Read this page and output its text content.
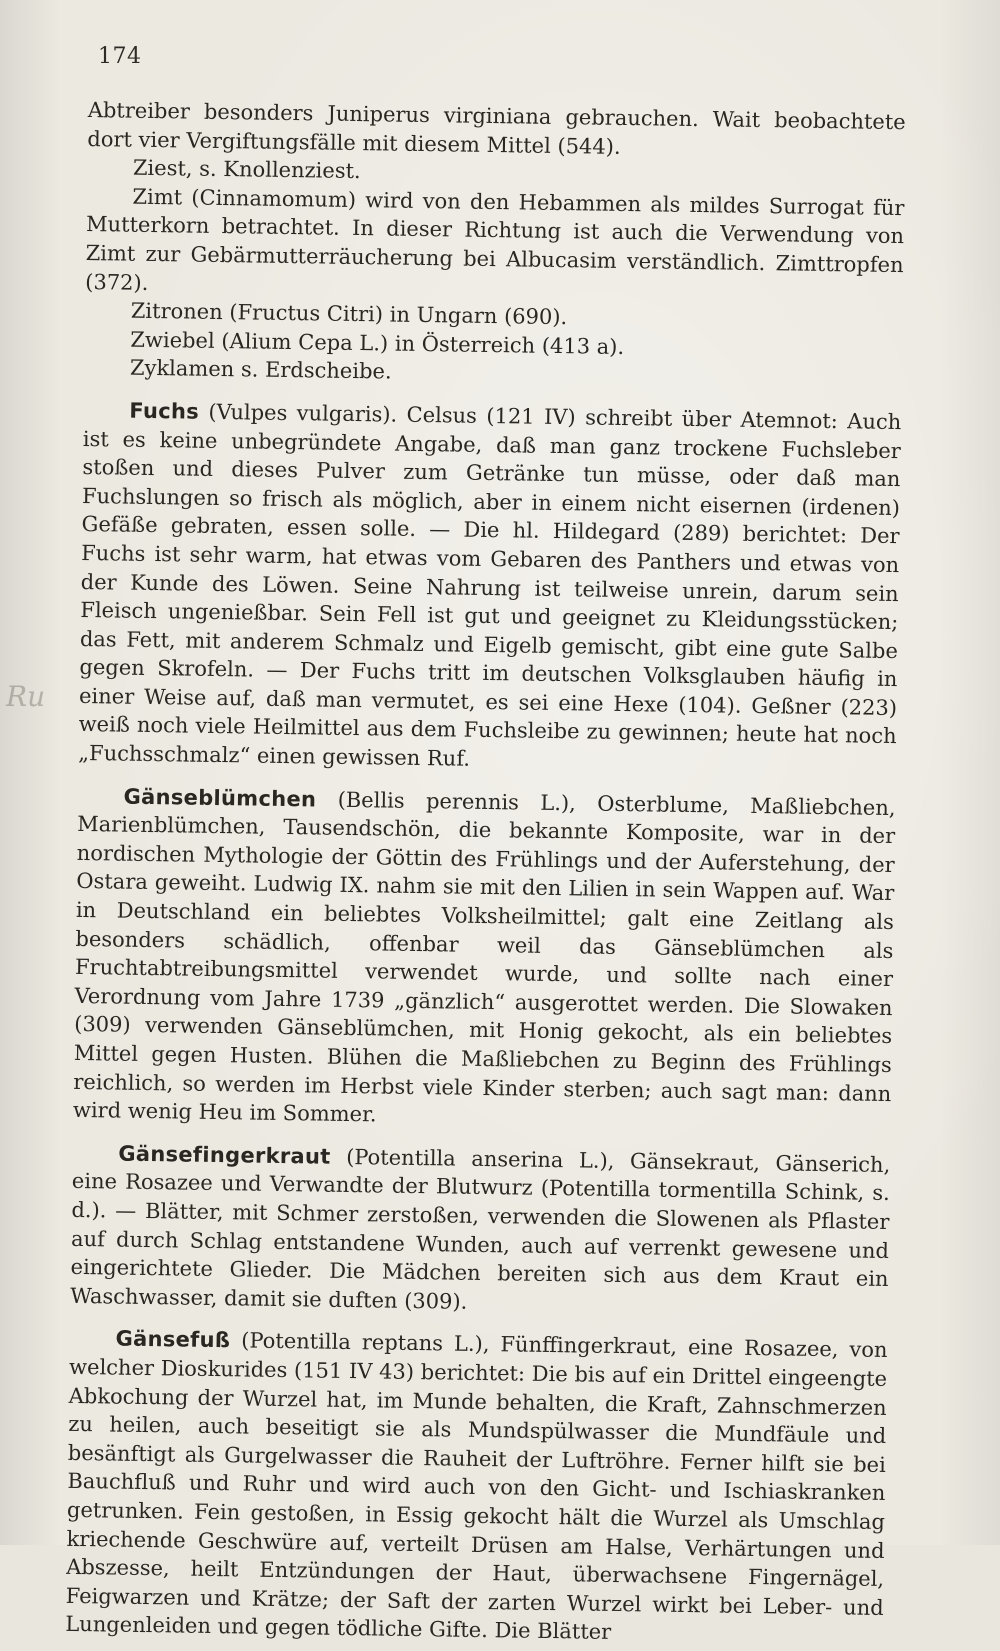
174
Ru

Abtreiber besonders Juniperus virginiana gebrauchen. Wait beobachtete dort vier Vergiftungsfälle mit diesem Mittel (544).

Ziest, s. Knollenziest.

Zimt (Cinnamomum) wird von den Hebammen als mildes Surrogat für Mutterkorn betrachtet. In dieser Richtung ist auch die Verwendung von Zimt zur Gebärmutterräucherung bei Albucasim verständlich. Zimttropfen (372).

Zitronen (Fructus Citri) in Ungarn (690).

Zwiebel (Alium Cepa L.) in Österreich (413 a).

Zyklamen s. Erdscheibe.

Fuchs (Vulpes vulgaris). Celsus (121 IV) schreibt über Atemnot: Auch ist es keine unbegründete Angabe, daß man ganz trockene Fuchsleber stoßen und dieses Pulver zum Getränke tun müsse, oder daß man Fuchslungen so frisch als möglich, aber in einem nicht eisernen (irdenen) Gefäße gebraten, essen solle. — Die hl. Hildegard (289) berichtet: Der Fuchs ist sehr warm, hat etwas vom Gebaren des Panthers und etwas von der Kunde des Löwen. Seine Nahrung ist teilweise unrein, darum sein Fleisch ungenießbar. Sein Fell ist gut und geeignet zu Kleidungsstücken; das Fett, mit anderem Schmalz und Eigelb gemischt, gibt eine gute Salbe gegen Skrofeln. — Der Fuchs tritt im deutschen Volksglauben häufig in einer Weise auf, daß man vermutet, es sei eine Hexe (104). Geßner (223) weiß noch viele Heilmittel aus dem Fuchsleibe zu gewinnen; heute hat noch „Fuchsschmalz“ einen gewissen Ruf.

Gänseblümchen (Bellis perennis L.), Osterblume, Maßliebchen, Marienblümchen, Tausendschön, die bekannte Komposite, war in der nordischen Mythologie der Göttin des Frühlings und der Auferstehung, der Ostara geweiht. Ludwig IX. nahm sie mit den Lilien in sein Wappen auf. War in Deutschland ein beliebtes Volksheilmittel; galt eine Zeitlang als besonders schädlich, offenbar weil das Gänseblümchen als Fruchtabtreibungsmittel verwendet wurde, und sollte nach einer Verordnung vom Jahre 1739 „gänzlich“ ausgerottet werden. Die Slowaken (309) verwenden Gänseblümchen, mit Honig gekocht, als ein beliebtes Mittel gegen Husten. Blühen die Maßliebchen zu Beginn des Frühlings reichlich, so werden im Herbst viele Kinder sterben; auch sagt man: dann wird wenig Heu im Sommer.

Gänsefingerkraut (Potentilla anserina L.), Gänsekraut, Gänserich, eine Rosazee und Verwandte der Blutwurz (Potentilla tormentilla Schink, s. d.). — Blätter, mit Schmer zerstoßen, verwenden die Slowenen als Pflaster auf durch Schlag entstandene Wunden, auch auf verrenkt gewesene und eingerichtete Glieder. Die Mädchen bereiten sich aus dem Kraut ein Waschwasser, damit sie duften (309).

Gänsefuß (Potentilla reptans L.), Fünffingerkraut, eine Rosazee, von welcher Dioskurides (151 IV 43) berichtet: Die bis auf ein Drittel eingeengte Abkochung der Wurzel hat, im Munde behalten, die Kraft, Zahnschmerzen zu heilen, auch beseitigt sie als Mundspülwasser die Mundfäule und besänftigt als Gurgelwasser die Rauheit der Luftröhre. Ferner hilft sie bei Bauchfluß und Ruhr und wird auch von den Gicht- und Ischiaskranken getrunken. Fein gestoßen, in Essig gekocht hält die Wurzel als Umschlag kriechende Geschwüre auf, verteilt Drüsen am Halse, Verhärtungen und Abszesse, heilt Entzündungen der Haut, überwachsene Fingernägel, Feigwarzen und Krätze; der Saft der zarten Wurzel wirkt bei Leber- und Lungenleiden und gegen tödliche Gifte. Die Blätter
